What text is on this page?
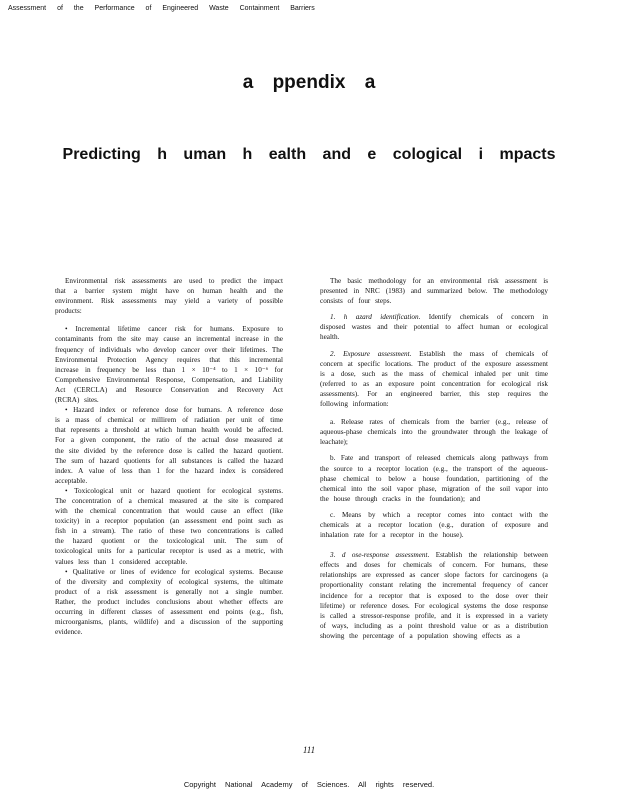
Assessment of the Performance of Engineered Waste Containment Barriers
a ppendix a
Predicting h uman h ealth and e cological i mpacts

Environmental risk assessments are used to predict the impact that a barrier system might have on human health and the environment. Risk assessments may yield a variety of possible products:

• Incremental lifetime cancer risk for humans. Exposure to contaminants from the site may cause an incremental increase in the frequency of individuals who develop cancer over their lifetimes. The Environmental Protection Agency requires that this incremental increase in frequency be less than 1 × 10⁻⁴ to 1 × 10⁻⁶ for Comprehensive Environmental Response, Compensation, and Liability Act (CERCLA) and Resource Conservation and Recovery Act (RCRA) sites.

• Hazard index or reference dose for humans. A reference dose is a mass of chemical or millirem of radiation per unit of time that represents a threshold at which human health would be affected. For a given component, the ratio of the actual dose measured at the site divided by the reference dose is called the hazard quotient. The sum of hazard quotients for all substances is called the hazard index. A value of less than 1 for the hazard index is considered acceptable.

• Toxicological unit or hazard quotient for ecological systems. The concentration of a chemical measured at the site is compared with the chemical concentration that would cause an effect (like toxicity) in a receptor population (an assessment end point such as fish in a stream). The ratio of these two concentrations is called the hazard quotient or the toxicological unit. The sum of toxicological units for a particular receptor is used as a metric, with values less than 1 considered acceptable.

• Qualitative or lines of evidence for ecological systems. Because of the diversity and complexity of ecological systems, the ultimate product of a risk assessment is generally not a single number. Rather, the product includes conclusions about whether effects are occurring in different classes of assessment end points (e.g., fish, microorganisms, plants, wildlife) and a discussion of the supporting evidence.

The basic methodology for an environmental risk assessment is presented in NRC (1983) and summarized below. The methodology consists of four steps.

1. h azard identification. Identify chemicals of concern in disposed wastes and their potential to affect human or ecological health.

2. Exposure assessment. Establish the mass of chemicals of concern at specific locations. The product of the exposure assessment is a dose, such as the mass of chemical inhaled per unit time (referred to as an exposure point concentration for ecological risk assessments). For an engineered barrier, this step requires the following information:

a. Release rates of chemicals from the barrier (e.g., release of aqueous-phase chemicals into the groundwater through the leakage of leachate);

b. Fate and transport of released chemicals along pathways from the source to a receptor location (e.g., the transport of the aqueous-phase chemical to below a house foundation, partitioning of the chemical into the soil vapor phase, migration of the soil vapor into the house through cracks in the foundation); and

c. Means by which a receptor comes into contact with the chemicals at a receptor location (e.g., duration of exposure and inhalation rate for a receptor in the house).

3. d ose-response assessment. Establish the relationship between effects and doses for chemicals of concern. For humans, these relationships are expressed as cancer slope factors for carcinogens (a proportionality constant relating the incremental frequency of cancer incidence for a receptor that is exposed to the dose over their lifetime) or reference doses. For ecological systems the dose response is called a stressor-response profile, and it is expressed in a variety of ways, including as a point threshold value or as a distribution showing the percentage of a population showing effects as a

111
Copyright National Academy of Sciences. All rights reserved.
